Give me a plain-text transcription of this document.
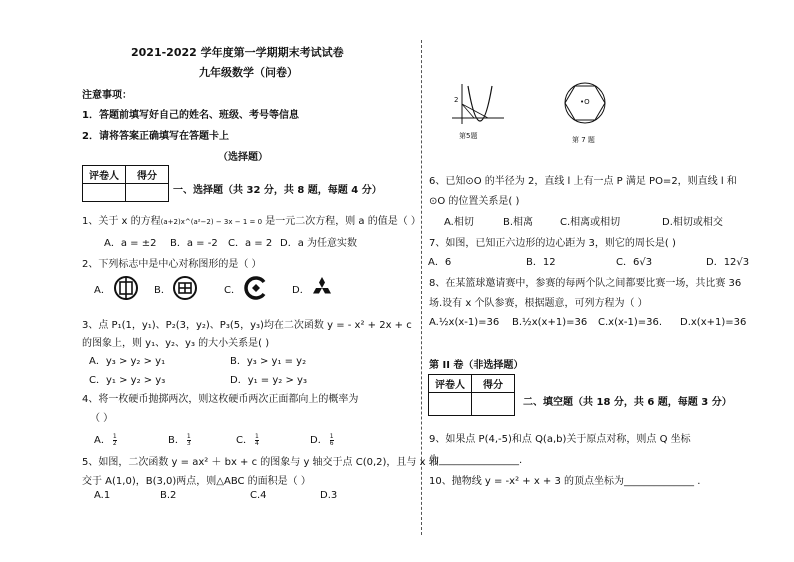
2021-2022 学年度第一学期期末考试试卷
九年级数学（问卷）
注意事项：
1．答题前填写好自己的姓名、班级、考号等信息
2．请将答案正确填写在答题卡上
（选择题）
评卷人	得分

一、选择题（共 32 分，共 8 题，每题 4 分）
1、关于 x 的方程(a+2)x^(a²−2) − 3x − 1 = 0 是一元二次方程，则 a 的值是（ ）
A．a = ±2 B．a = -2 C．a = 2 D．a 为任意实数
2、下列标志中是中心对称图形的是（ ）
A．	B．	C．	D．
3、点 P₁(1，y₁)、P₂(3，y₂)、P₃(5，y₃)均在二次函数 y = - x² + 2x + c
的图象上，则 y₁、y₂、y₃ 的大小关系是( )
A．y₃ > y₂ > y₁	B．y₃ > y₁ = y₂
C．y₁ > y₂ > y₃	D．y₁ = y₂ > y₃
4、将一枚硬币抛掷两次，则这枚硬币两次正面都向上的概率为
（ ）
A． $\frac{1}{2}$	B． $\frac{1}{3}$	C． $\frac{1}{4}$	D． $\frac{1}{6}$
5、如图，二次函数 y = ax² ＋ bx + c 的图象与 y 轴交于点 C(0,2)，且与 x 轴
交于 A(1,0)，B(3,0)两点，则△ABC 的面积是（ ）
A.1	B.2	C.4	D.3
2
第5题
•O
第 7 题
6、已知⊙O 的半径为 2，直线 l 上有一点 P 满足 PO=2，则直线 l 和
⊙O 的位置关系是( )
A.相切	B.相离	C.相离或相切	D.相切或相交
7、如图，已知正六边形的边心距为 3，则它的周长是( )
A．6	B．12	C．6√3	D．12√3
8、在某篮球邀请赛中，参赛的每两个队之间都要比赛一场，共比赛 36
场.设有 x 个队参赛，根据题意，可列方程为（ ）
A.½x(x-1)=36 B.½x(x+1)=36 C.x(x-1)=36. D.x(x+1)=36
第 II 卷（非选择题）
评卷人	得分

二、填空题（共 18 分，共 6 题，每题 3 分）
9、如果点 P(4,-5)和点 Q(a,b)关于原点对称，则点 Q 坐标
为________________.
10、抛物线 y = -x² + x + 3 的顶点坐标为______________ .
